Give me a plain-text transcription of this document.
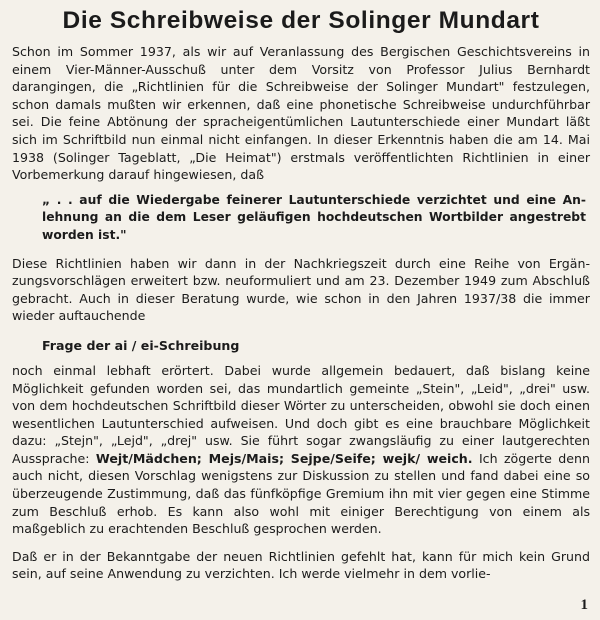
Die Schreibweise der Solinger Mundart

Schon im Sommer 1937, als wir auf Veranlassung des Bergischen Geschichtsvereins in einem Vier-Männer-Ausschuß unter dem Vorsitz von Professor Julius Bernhardt darangingen, die „Richtlinien für die Schreibweise der Solinger Mundart" festzulegen, schon damals mußten wir erkennen, daß eine phonetische Schreibweise undurchführbar sei. Die feine Abtönung der spracheigentümlichen Lautunterschiede einer Mundart läßt sich im Schriftbild nun einmal nicht einfangen. In dieser Erkenntnis haben die am 14. Mai 1938 (Solinger Tageblatt, „Die Heimat") erstmals veröffentlichten Richtlinien in einer Vorbemerkung darauf hingewiesen, daß

„ . . auf die Wiedergabe feinerer Lautunterschiede verzichtet und eine Anlehnung an die dem Leser geläufigen hochdeutschen Wortbilder angestrebt worden ist."

Diese Richtlinien haben wir dann in der Nachkriegszeit durch eine Reihe von Ergänzungsvorschlägen erweitert bzw. neuformuliert und am 23. Dezember 1949 zum Abschluß gebracht. Auch in dieser Beratung wurde, wie schon in den Jahren 1937/38 die immer wieder auftauchende

Frage der ai / ei-Schreibung

noch einmal lebhaft erörtert. Dabei wurde allgemein bedauert, daß bislang keine Möglichkeit gefunden worden sei, das mundartlich gemeinte „Stein", „Leid", „drei" usw. von dem hochdeutschen Schriftbild dieser Wörter zu unterscheiden, obwohl sie doch einen wesentlichen Lautunterschied aufweisen. Und doch gibt es eine brauchbare Möglichkeit dazu: „Stejn", „Lejd", „drej" usw. Sie führt sogar zwangsläufig zu einer lautgerechten Aussprache: Wejt/Mädchen; Mejs/Mais; Sejpe/Seife; wejk/ weich. Ich zögerte denn auch nicht, diesen Vorschlag wenigstens zur Diskussion zu stellen und fand dabei eine so überzeugende Zustimmung, daß das fünfköpfige Gremium ihn mit vier gegen eine Stimme zum Beschluß erhob. Es kann also wohl mit einiger Berechtigung von einem als maßgeblich zu erachtenden Beschluß gesprochen werden.

Daß er in der Bekanntgabe der neuen Richtlinien gefehlt hat, kann für mich kein Grund sein, auf seine Anwendung zu verzichten. Ich werde vielmehr in dem vorlie-

1
